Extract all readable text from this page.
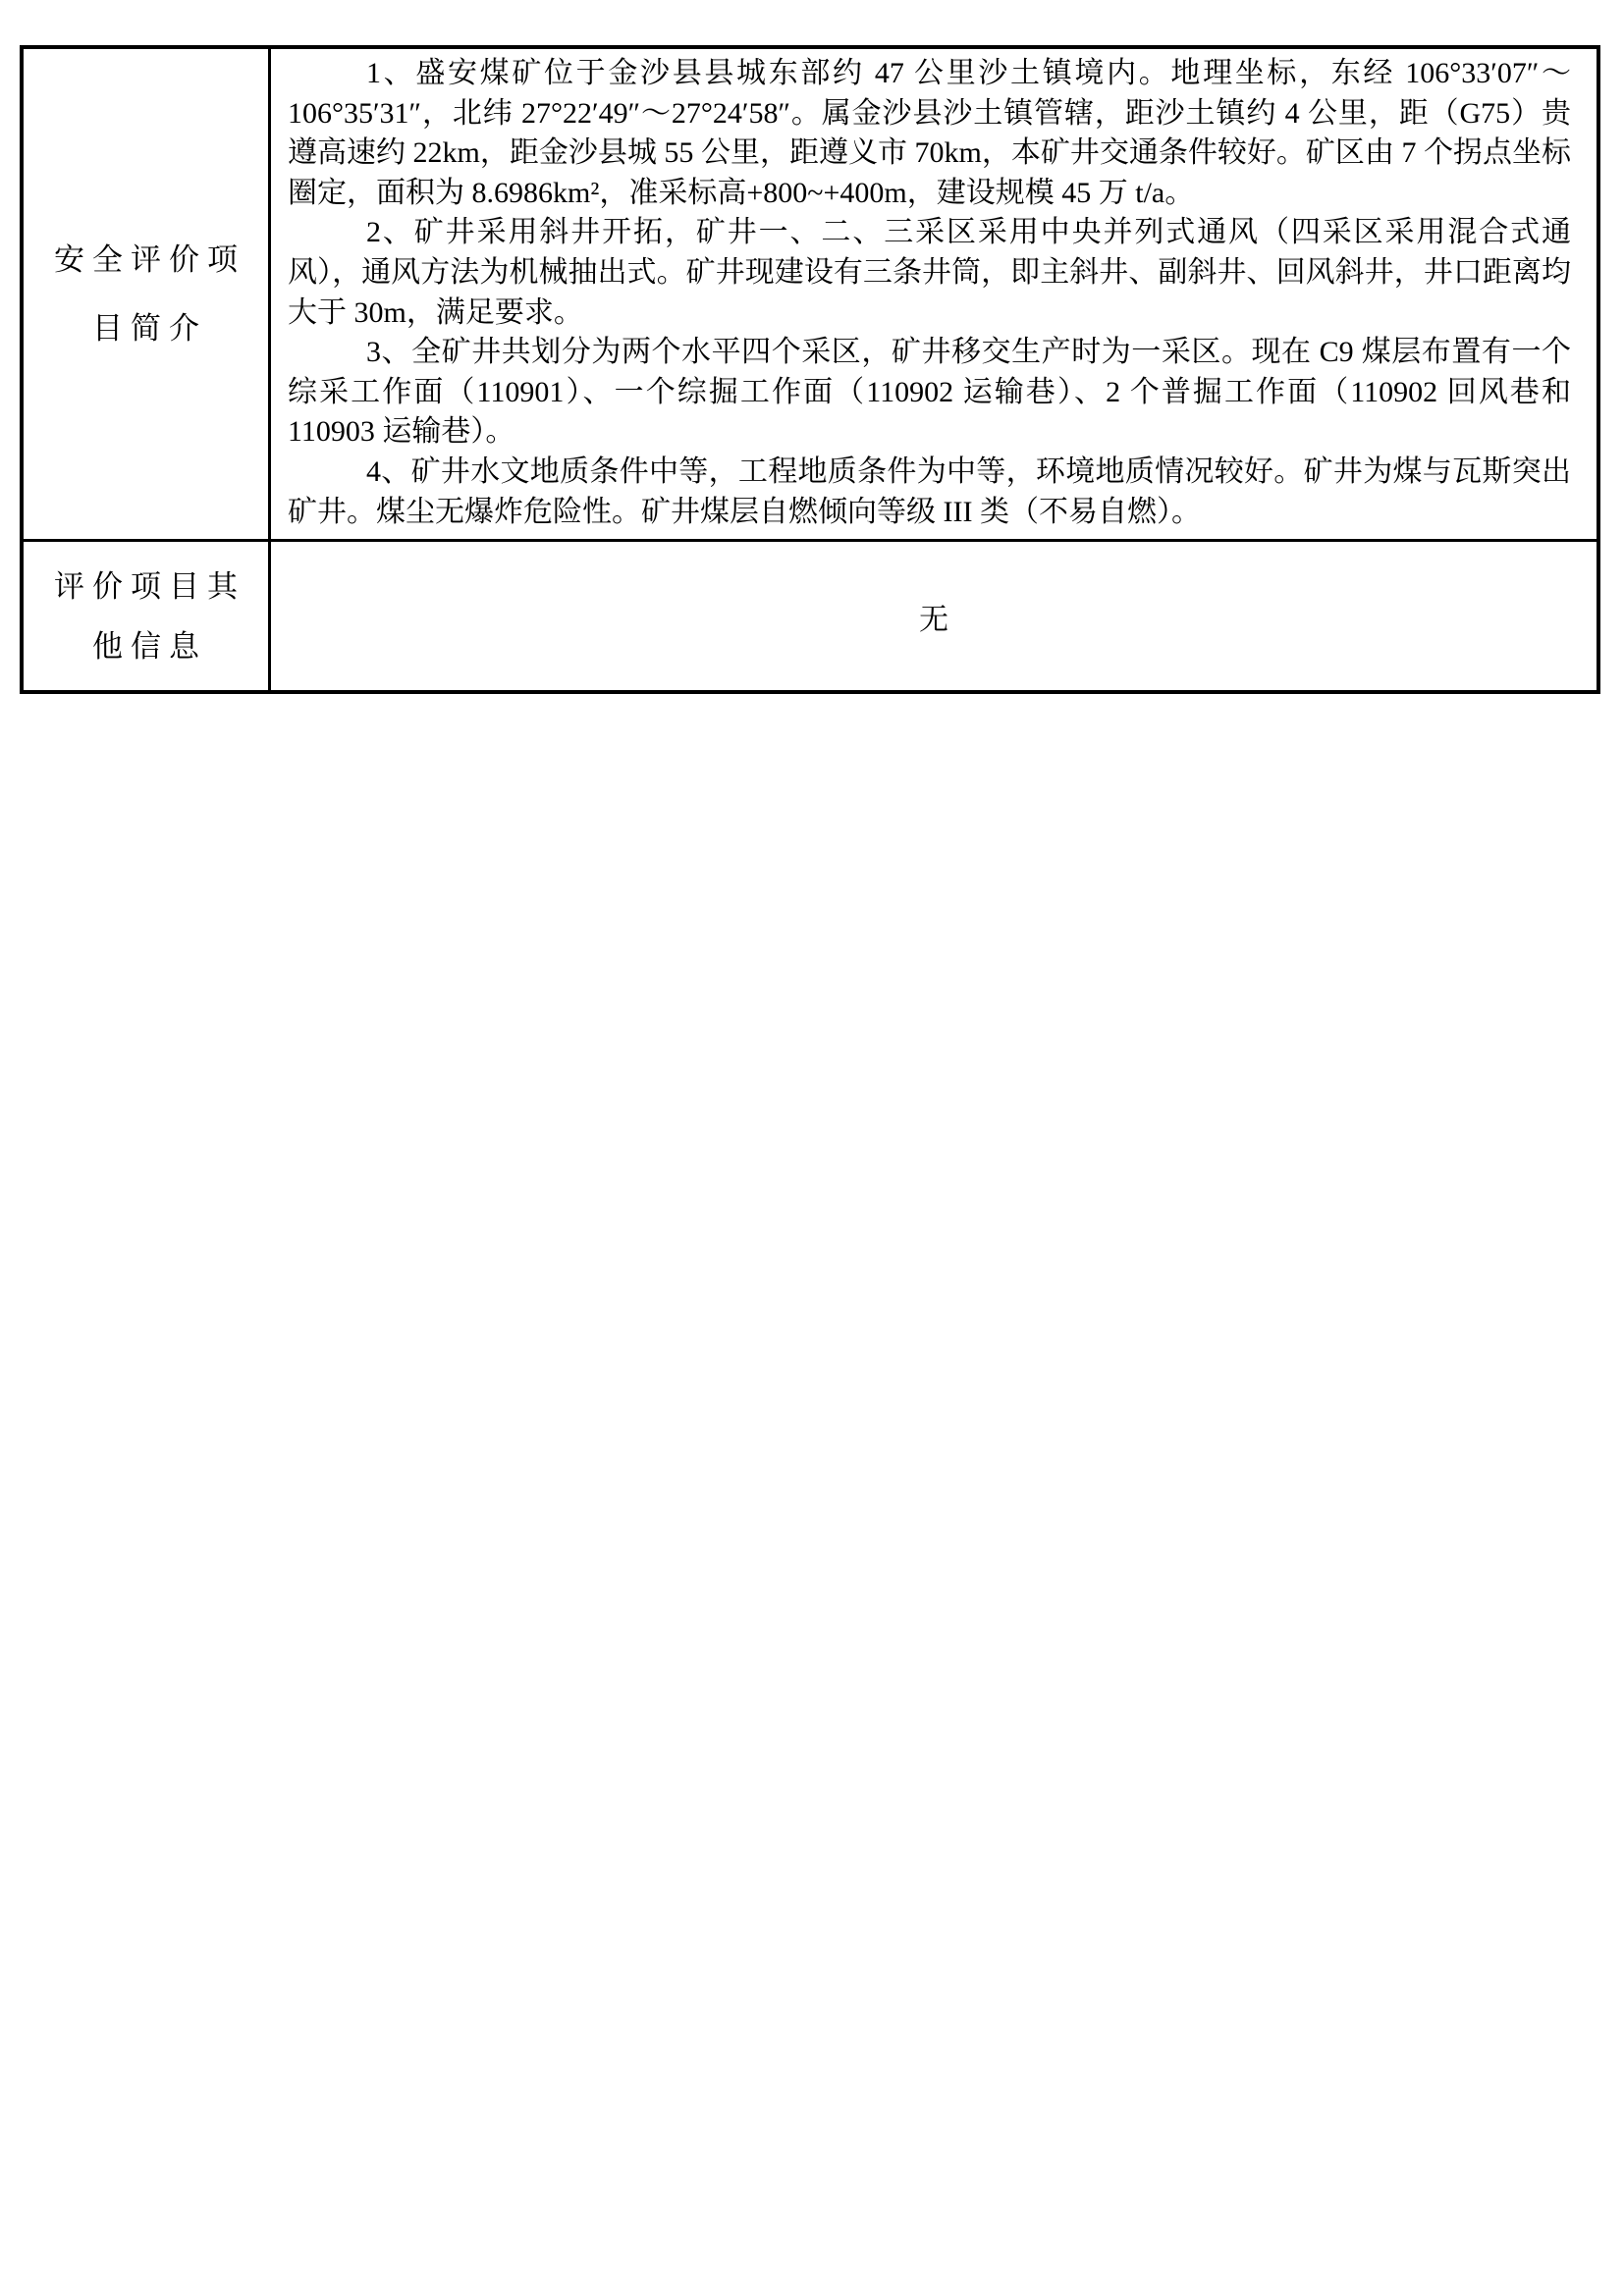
安全评价项
目简介

1、盛安煤矿位于金沙县县城东部约 47 公里沙土镇境内。地理坐标，东经 106°33′07″～106°35′31″，北纬 27°22′49″～27°24′58″。属金沙县沙土镇管辖，距沙土镇约 4 公里，距（G75）贵遵高速约 22km，距金沙县城 55 公里，距遵义市 70km，本矿井交通条件较好。矿区由 7 个拐点坐标圈定，面积为 8.6986km²，准采标高+800~+400m，建设规模 45 万 t/a。

2、矿井采用斜井开拓，矿井一、二、三采区采用中央并列式通风（四采区采用混合式通风），通风方法为机械抽出式。矿井现建设有三条井筒，即主斜井、副斜井、回风斜井，井口距离均大于 30m，满足要求。

3、全矿井共划分为两个水平四个采区，矿井移交生产时为一采区。现在 C9 煤层布置有一个综采工作面（110901）、一个综掘工作面（110902 运输巷）、2 个普掘工作面（110902 回风巷和 110903 运输巷）。

4、矿井水文地质条件中等，工程地质条件为中等，环境地质情况较好。矿井为煤与瓦斯突出矿井。煤尘无爆炸危险性。矿井煤层自燃倾向等级 III 类（不易自燃）。

评价项目其
他信息
无
